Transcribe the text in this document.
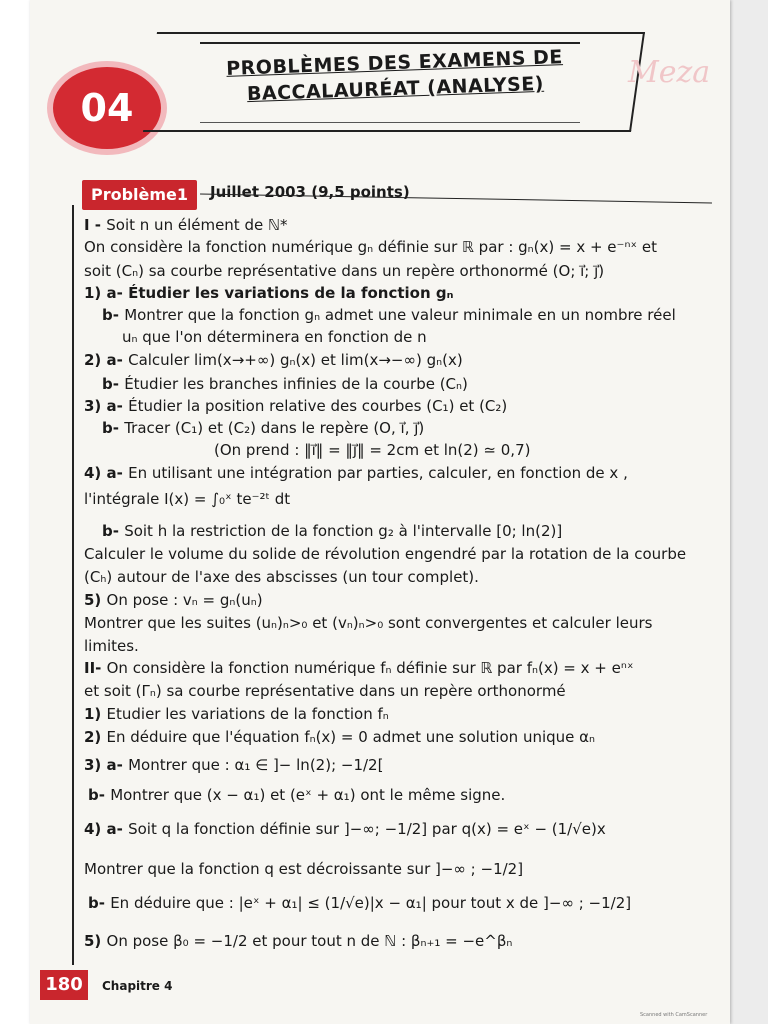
04
PROBLÈMES DES EXAMENS DE
BACCALAURÉAT (ANALYSE)	Meza
Problème1	Juillet 2003 (9,5 points)
I - Soit n un élément de ℕ*
On considère la fonction numérique gₙ définie sur ℝ par : gₙ(x) = x + e⁻ⁿˣ et
soit (Cₙ) sa courbe représentative dans un repère orthonormé (O; i⃗; j⃗)
1) a- Étudier les variations de la fonction gₙ
b- Montrer que la fonction gₙ admet une valeur minimale en un nombre réel
uₙ que l'on déterminera en fonction de n
2) a- Calculer lim(x→+∞) gₙ(x) et lim(x→−∞) gₙ(x)
b- Étudier les branches infinies de la courbe (Cₙ)
3) a- Étudier la position relative des courbes (C₁) et (C₂)
b- Tracer (C₁) et (C₂) dans le repère (O, i⃗, j⃗)
(On prend : ‖i⃗‖ = ‖j⃗‖ = 2cm et ln(2) ≃ 0,7)
4) a- En utilisant une intégration par parties, calculer, en fonction de x ,
l'intégrale I(x) = ∫₀ˣ te⁻²ᵗ dt
b- Soit h la restriction de la fonction g₂ à l'intervalle [0; ln(2)]
Calculer le volume du solide de révolution engendré par la rotation de la courbe
(Cₕ) autour de l'axe des abscisses (un tour complet).
5) On pose : vₙ = gₙ(uₙ)
Montrer que les suites (uₙ)ₙ>₀ et (vₙ)ₙ>₀ sont convergentes et calculer leurs
limites.
II- On considère la fonction numérique fₙ définie sur ℝ par fₙ(x) = x + eⁿˣ
et soit (Γₙ) sa courbe représentative dans un repère orthonormé
1) Etudier les variations de la fonction fₙ
2) En déduire que l'équation fₙ(x) = 0 admet une solution unique αₙ
3) a- Montrer que : α₁ ∈ ]− ln(2); −1/2[
b- Montrer que (x − α₁) et (eˣ + α₁) ont le même signe.
4) a- Soit q la fonction définie sur ]−∞; −1/2] par q(x) = eˣ − (1/√e)x
Montrer que la fonction q est décroissante sur ]−∞ ; −1/2]
b- En déduire que : |eˣ + α₁| ≤ (1/√e)|x − α₁| pour tout x de ]−∞ ; −1/2]
5) On pose β₀ = −1/2 et pour tout n de ℕ : βₙ₊₁ = −e^βₙ
180	Chapitre 4
Scanned with CamScanner
